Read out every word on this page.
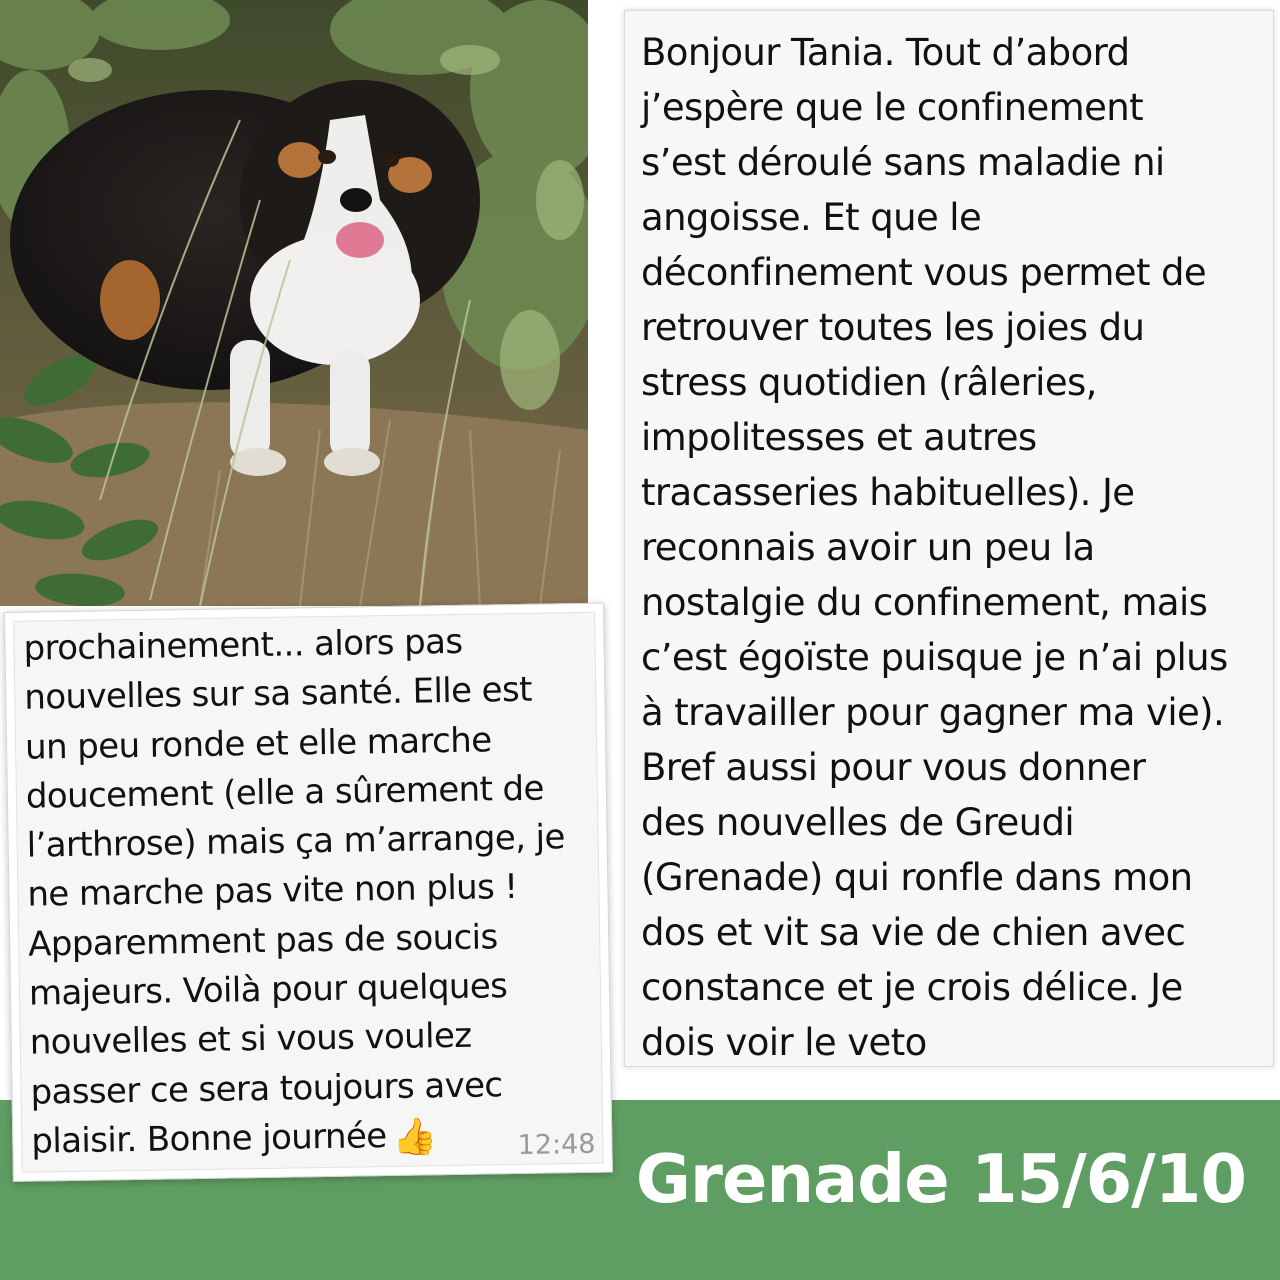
Grenade 15/6/10

Bonjour Tania. Tout d’abord
j’espère que le confinement
s’est déroulé sans maladie ni
angoisse. Et que le
déconfinement vous permet de
retrouver toutes les joies du
stress quotidien (râleries,
impolitesses et autres
tracasseries habituelles). Je
reconnais avoir un peu la
nostalgie du confinement, mais
c’est égoïste puisque je n’ai plus
à travailler pour gagner ma vie).
Bref aussi pour vous donner
des nouvelles de Greudi
(Grenade) qui ronfle dans mon
dos et vit sa vie de chien avec
constance et je crois délice. Je
dois voir le veto

prochainement... alors pas
nouvelles sur sa santé. Elle est
un peu ronde et elle marche
doucement (elle a sûrement de
l’arthrose) mais ça m’arrange, je
ne marche pas vite non plus !
Apparemment pas de soucis
majeurs. Voilà pour quelques
nouvelles et si vous voulez
passer ce sera toujours avec
plaisir. Bonne journée 👍	12:48
